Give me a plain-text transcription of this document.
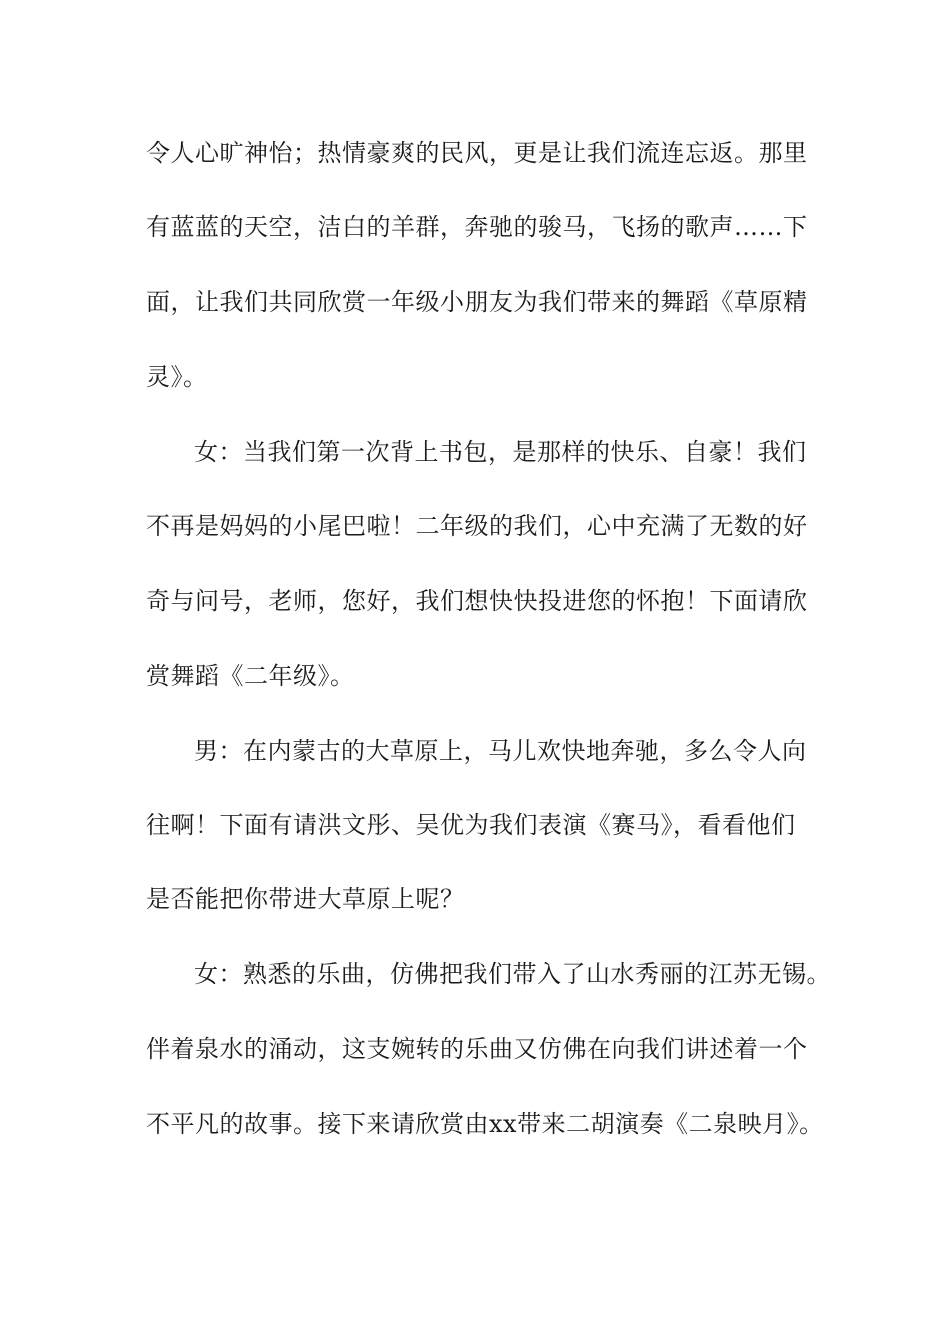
令人心旷神怡；热情豪爽的民风，更是让我们流连忘返。那里
有蓝蓝的天空，洁白的羊群，奔驰的骏马，飞扬的歌声……下
面，让我们共同欣赏一年级小朋友为我们带来的舞蹈《草原精
灵》。
女：当我们第一次背上书包，是那样的快乐、自豪！我们
不再是妈妈的小尾巴啦！二年级的我们，心中充满了无数的好
奇与问号，老师，您好，我们想快快投进您的怀抱！下面请欣
赏舞蹈《二年级》。
男：在内蒙古的大草原上，马儿欢快地奔驰，多么令人向
往啊！下面有请洪文彤、吴优为我们表演《赛马》，看看他们
是否能把你带进大草原上呢？
女：熟悉的乐曲，仿佛把我们带入了山水秀丽的江苏无锡。
伴着泉水的涌动，这支婉转的乐曲又仿佛在向我们讲述着一个
不平凡的故事。接下来请欣赏由xx带来二胡演奏《二泉映月》。
